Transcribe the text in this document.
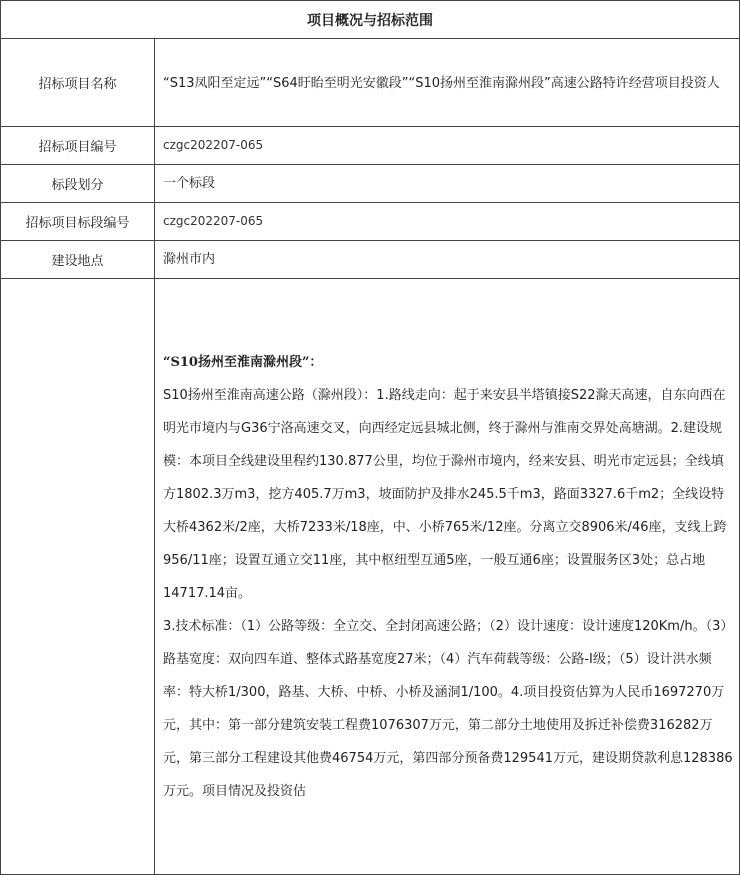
项目概况与招标范围	
招标项目名称	“S13凤阳至定远”“S64盱眙至明光安徽段”“S10扬州至淮南滁州段”高速公路特许经营项目投资人
招标项目编号	czgc202207-065
标段划分	一个标段
招标项目标段编号	czgc202207-065
建设地点	滁州市内

	“S10扬州至淮南滁州段”：
S10扬州至淮南高速公路（滁州段）：1.路线走向：起于来安县半塔镇接S22滁天高速，自东向西在明光市境内与G36宁洛高速交叉，向西经定远县城北侧，终于滁州与淮南交界处高塘湖。2.建设规模：本项目全线建设里程约130.877公里，均位于滁州市境内，经来安县、明光市定远县；全线填方1802.3万m3，挖方405.7万m3，坡面防护及排水245.5千m3，路面3327.6千m2；全线设特大桥4362米/2座，大桥7233米/18座，中、小桥765米/12座。分离立交8906米/46座，支线上跨956/11座；设置互通立交11座，其中枢纽型互通5座，一般互通6座；设置服务区3处；总占地14717.14亩。
3.技术标准：（1）公路等级：全立交、全封闭高速公路；（2）设计速度：设计速度120Km/h。（3）路基宽度：双向四车道、整体式路基宽度27米；（4）汽车荷载等级：公路-I级；（5）设计洪水频率：特大桥1/300，路基、大桥、中桥、小桥及涵洞1/100。4.项目投资估算为人民币1697270万元，其中：第一部分建筑安装工程费1076307万元，第二部分土地使用及拆迁补偿费316282万元，第三部分工程建设其他费46754万元，第四部分预备费129541万元，建设期贷款利息128386万元。项目情况及投资估
